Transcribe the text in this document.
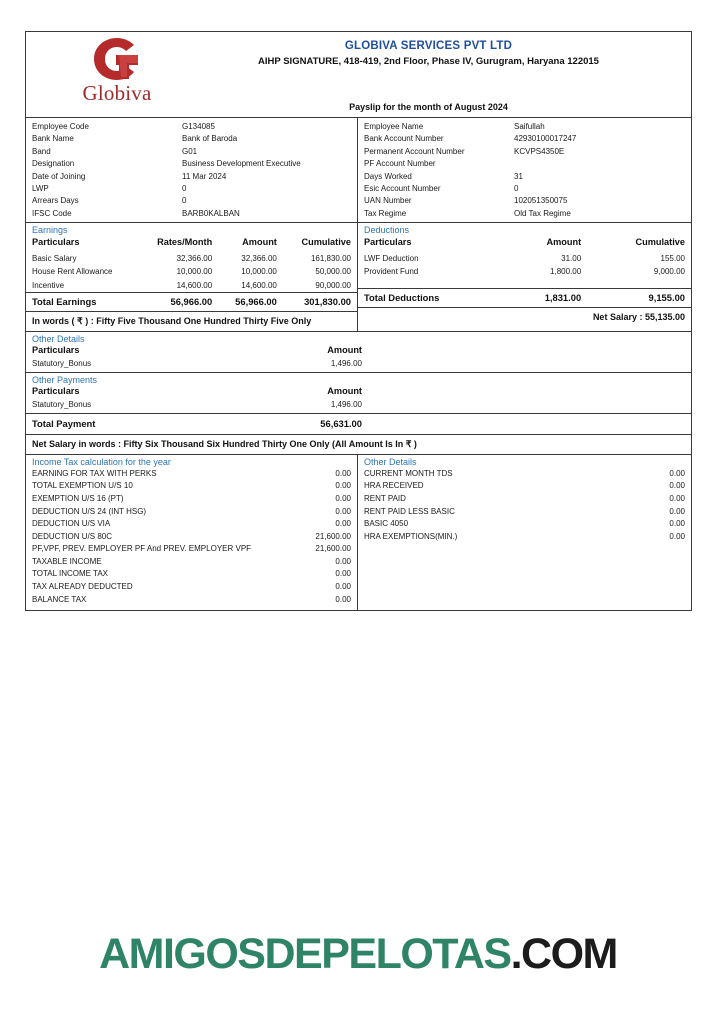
Globiva
GLOBIVA SERVICES PVT LTD
AIHP SIGNATURE, 418-419, 2nd Floor, Phase IV, Gurugram, Haryana 122015
Payslip for the month of August 2024
Employee Code	G134085
Bank Name	Bank of Baroda
Band	G01
Designation	Business Development Executive
Date of Joining	11 Mar 2024
LWP	0
Arrears Days	0
IFSC Code	BARB0KALBAN
Employee Name	Saifullah
Bank Account Number	42930100017247
Permanent Account Number	KCVPS4350E
PF Account Number
Days Worked	31
Esic Account Number	0
UAN Number	102051350075
Tax Regime	Old Tax Regime
Earnings
Particulars	Rates/Month	Amount	Cumulative
Basic Salary	32,366.00	32,366.00	161,830.00
House Rent Allowance	10,000.00	10,000.00	50,000.00
Incentive	14,600.00	14,600.00	90,000.00
Total Earnings	56,966.00	56,966.00	301,830.00
In words ( ₹ ) : Fifty Five Thousand One Hundred Thirty Five Only
Deductions
Particulars	Amount	Cumulative
LWF Deduction	31.00	155.00
Provident Fund	1,800.00	9,000.00

Total Deductions	1,831.00	9,155.00
Net Salary : 55,135.00
Other Details
Particulars	Amount
Statutory_Bonus	1,496.00
Other Payments
Particulars	Amount
Statutory_Bonus	1,496.00
Total Payment	56,631.00
Net Salary in words : Fifty Six Thousand Six Hundred Thirty One Only (All Amount Is In ₹ )
Income Tax calculation for the year
EARNING FOR TAX WITH PERKS	0.00
TOTAL EXEMPTION U/S 10	0.00
EXEMPTION U/S 16 (PT)	0.00
DEDUCTION U/S 24 (INT HSG)	0.00
DEDUCTION U/S VIA	0.00
DEDUCTION U/S 80C	21,600.00
PF,VPF, PREV. EMPLOYER PF And PREV. EMPLOYER VPF	21,600.00
TAXABLE INCOME	0.00
TOTAL INCOME TAX	0.00
TAX ALREADY DEDUCTED	0.00
BALANCE TAX	0.00
Other Details
CURRENT MONTH TDS	0.00
HRA RECEIVED	0.00
RENT PAID	0.00
RENT PAID LESS BASIC	0.00
BASIC 4050	0.00
HRA EXEMPTIONS(MIN.)	0.00
AMIGOSDEPELOTAS.COM
